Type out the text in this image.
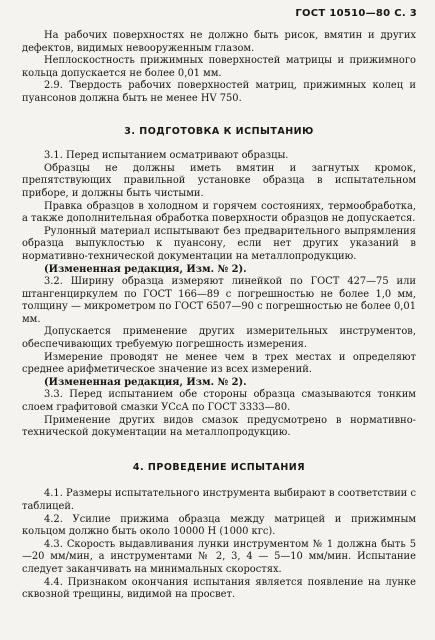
ГОСТ 10510—80 С. 3

На рабочих поверхностях не должно быть рисок, вмятин и других дефектов, видимых невооруженным глазом.

Неплоскостность прижимных поверхностей матрицы и прижимного кольца допускается не более 0,01 мм.

2.9. Твердость рабочих поверхностей матриц, прижимных колец и пуансонов должна быть не менее HV 750.

3. ПОДГОТОВКА К ИСПЫТАНИЮ

3.1. Перед испытанием осматривают образцы.

Образцы не должны иметь вмятин и загнутых кромок, препятствующих правильной установке образца в испытательном приборе, и должны быть чистыми.

Правка образцов в холодном и горячем состояниях, термообработка, а также дополнительная обработка поверхности образцов не допускается.

Рулонный материал испытывают без предварительного выпрямления образца выпуклостью к пуансону, если нет других указаний в нормативно-технической документации на металлопродукцию.

(Измененная редакция, Изм. № 2).

3.2. Ширину образца измеряют линейкой по ГОСТ 427—75 или штангенциркулем по ГОСТ 166—89 с погрешностью не более 1,0 мм, толщину — микрометром по ГОСТ 6507—90 с погрешностью не более 0,01 мм.

Допускается применение других измерительных инструментов, обеспечивающих требуемую погрешность измерения.

Измерение проводят не менее чем в трех местах и определяют среднее арифметическое значение из всех измерений.

(Измененная редакция, Изм. № 2).

3.3. Перед испытанием обе стороны образца смазываются тонким слоем графитовой смазки УСсА по ГОСТ 3333—80.

Применение других видов смазок предусмотрено в нормативно-технической документации на металлопродукцию.

4. ПРОВЕДЕНИЕ ИСПЫТАНИЯ

4.1. Размеры испытательного инструмента выбирают в соответствии с таблицей.

4.2. Усилие прижима образца между матрицей и прижимным кольцом должно быть около 10000 Н (1000 кгс).

4.3. Скорость выдавливания лунки инструментом № 1 должна быть 5—20 мм/мин, а инструментами № 2, 3, 4 — 5—10 мм/мин. Испытание следует заканчивать на минимальных скоростях.

4.4. Признаком окончания испытания является появление на лунке сквозной трещины, видимой на просвет.
